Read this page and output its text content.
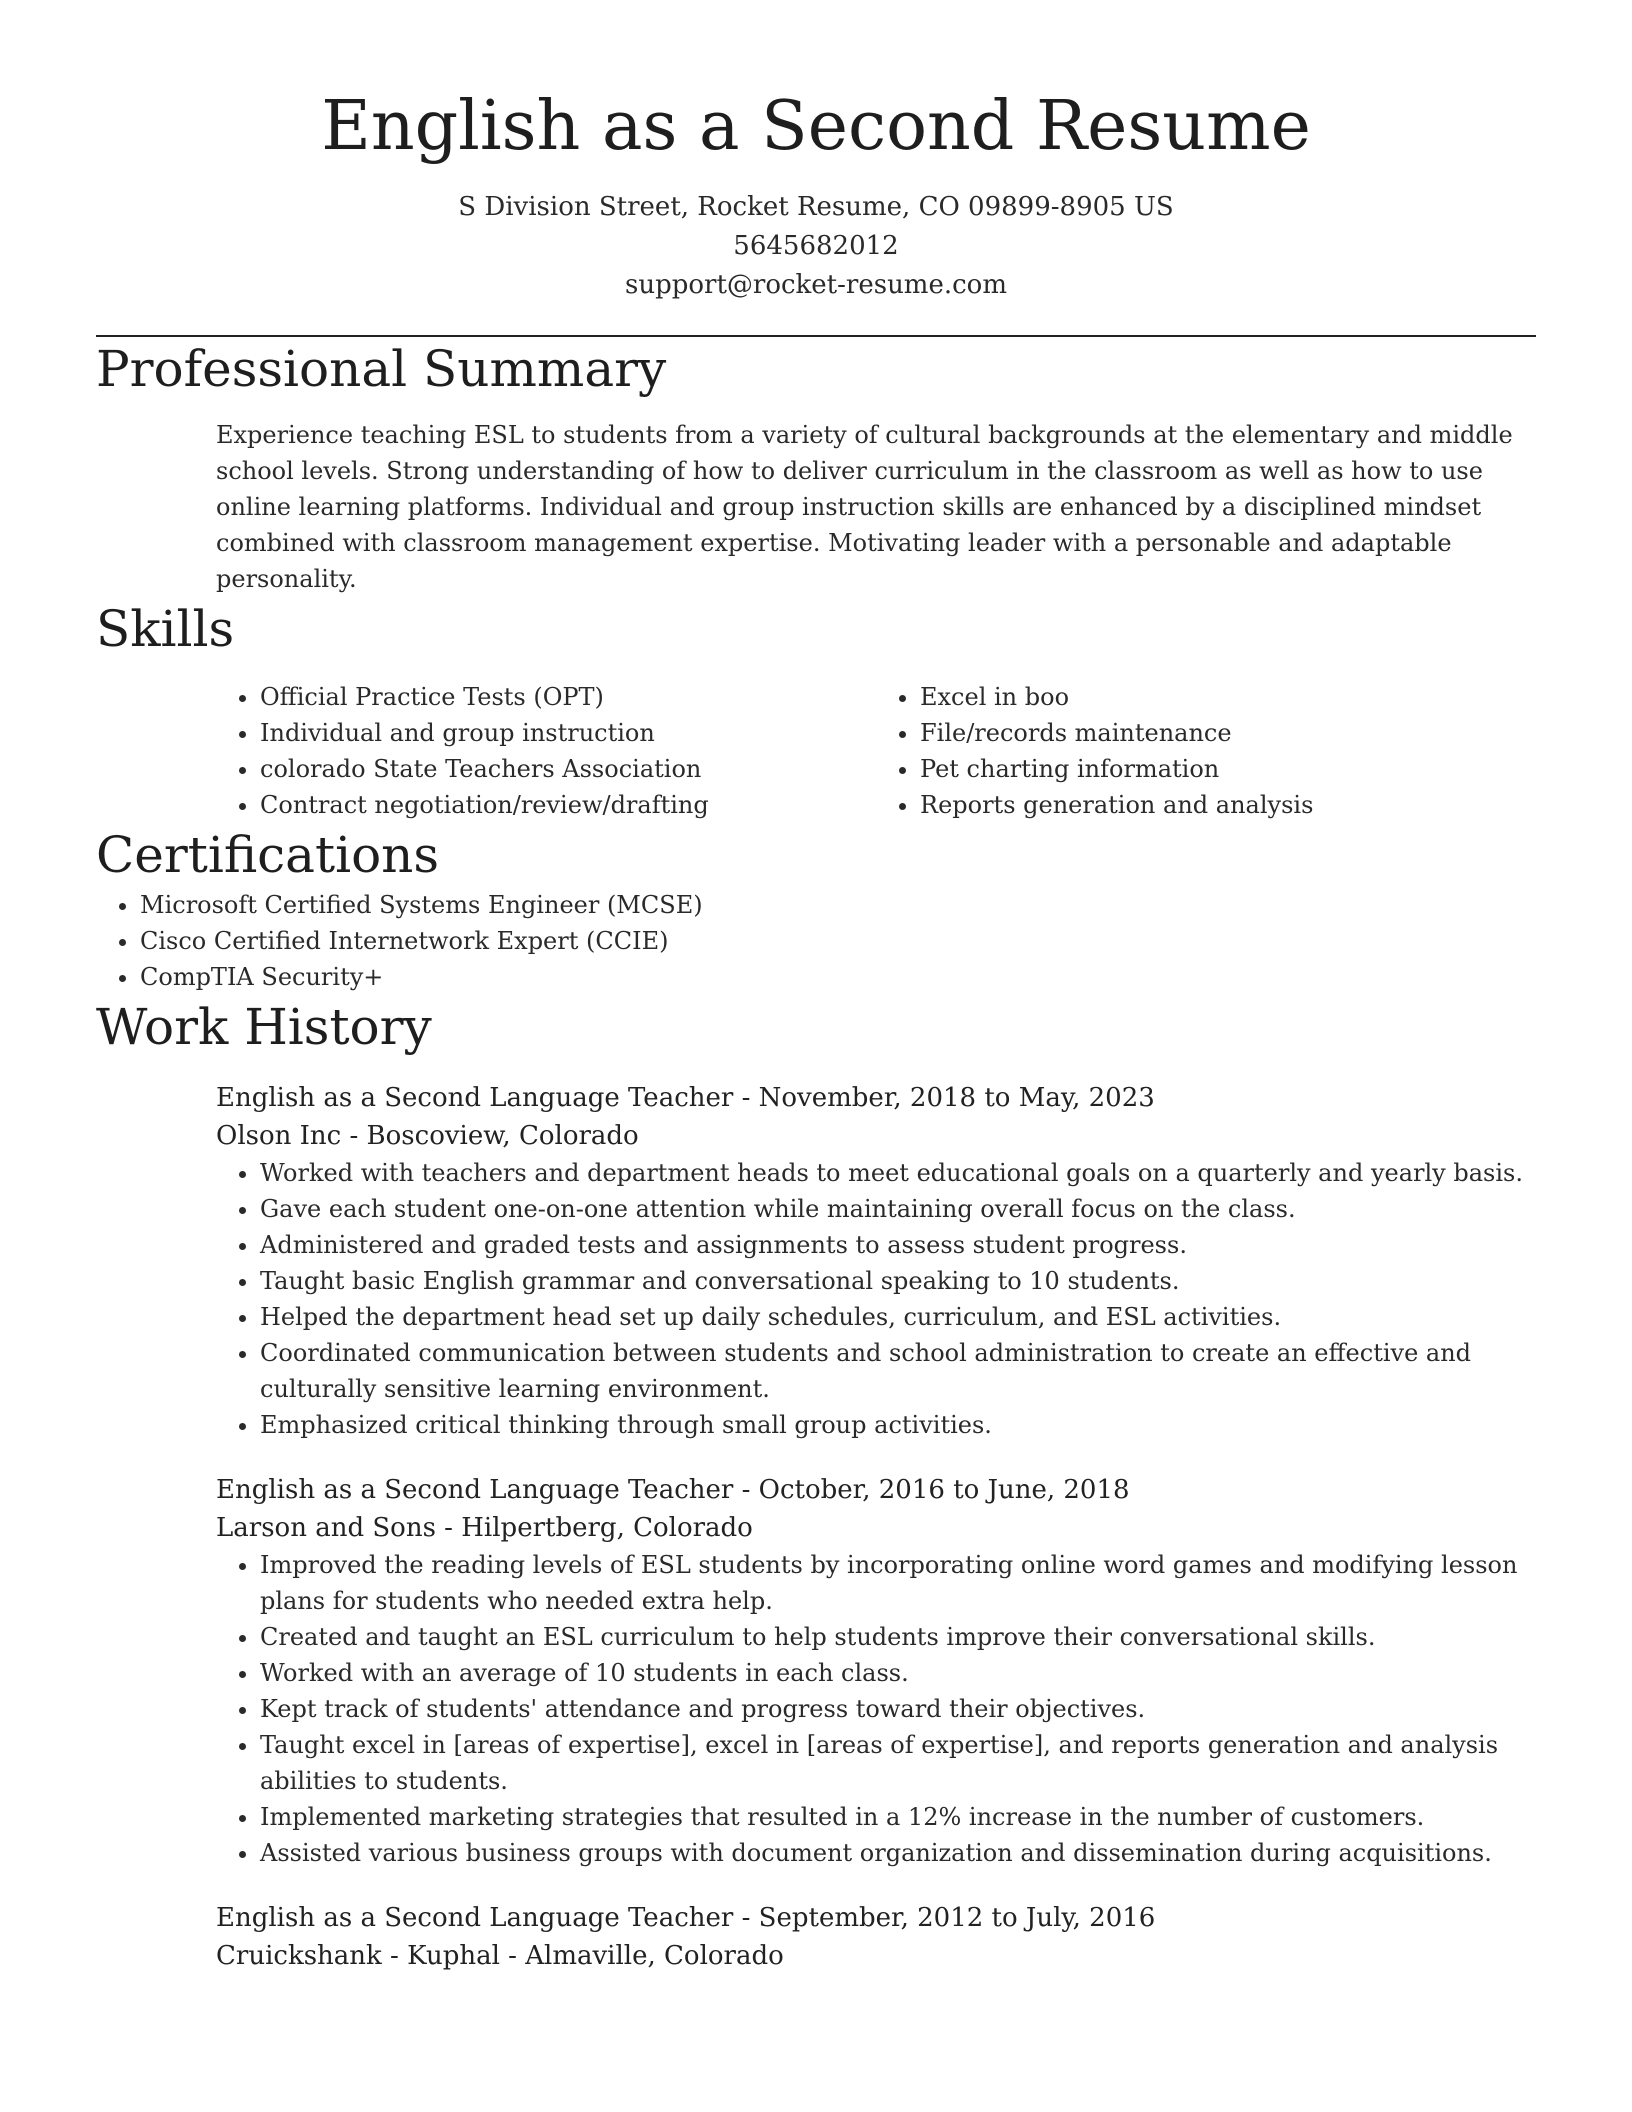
English as a Second Resume
S Division Street, Rocket Resume, CO 09899-8905 US
5645682012
support@rocket-resume.com
Professional Summary

Experience teaching ESL to students from a variety of cultural backgrounds at the elementary and middle school levels. Strong understanding of how to deliver curriculum in the classroom as well as how to use online learning platforms. Individual and group instruction skills are enhanced by a disciplined mindset combined with classroom management expertise. Motivating leader with a personable and adaptable personality.

Skills
• Official Practice Tests (OPT)
• Individual and group instruction
• colorado State Teachers Association
• Contract negotiation/review/drafting
• Excel in boo
• File/records maintenance
• Pet charting information
• Reports generation and analysis
Certifications
• Microsoft Certified Systems Engineer (MCSE)
• Cisco Certified Internetwork Expert (CCIE)
• CompTIA Security+
Work History
English as a Second Language Teacher - November, 2018 to May, 2023
Olson Inc - Boscoview, Colorado
• Worked with teachers and department heads to meet educational goals on a quarterly and yearly basis.
• Gave each student one-on-one attention while maintaining overall focus on the class.
• Administered and graded tests and assignments to assess student progress.
• Taught basic English grammar and conversational speaking to 10 students.
• Helped the department head set up daily schedules, curriculum, and ESL activities.
• Coordinated communication between students and school administration to create an effective and culturally sensitive learning environment.
• Emphasized critical thinking through small group activities.
English as a Second Language Teacher - October, 2016 to June, 2018
Larson and Sons - Hilpertberg, Colorado
• Improved the reading levels of ESL students by incorporating online word games and modifying lesson plans for students who needed extra help.
• Created and taught an ESL curriculum to help students improve their conversational skills.
• Worked with an average of 10 students in each class.
• Kept track of students' attendance and progress toward their objectives.
• Taught excel in [areas of expertise], excel in [areas of expertise], and reports generation and analysis abilities to students.
• Implemented marketing strategies that resulted in a 12% increase in the number of customers.
• Assisted various business groups with document organization and dissemination during acquisitions.
English as a Second Language Teacher - September, 2012 to July, 2016
Cruickshank - Kuphal - Almaville, Colorado
